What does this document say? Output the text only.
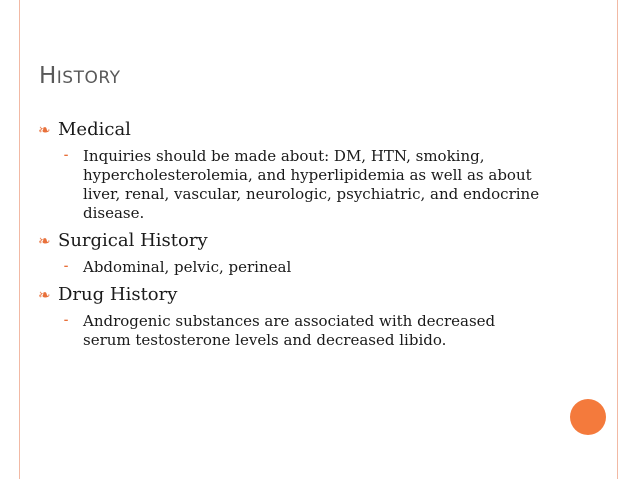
HISTORY
❧ Medical
⁃ Inquiries should be made about: DM, HTN, smoking, hypercholesterolemia, and hyperlipidemia as well as about liver, renal, vascular, neurologic, psychiatric, and endocrine disease.
❧ Surgical History
⁃ Abdominal, pelvic, perineal
❧ Drug History
⁃ Androgenic substances are associated with decreased serum testosterone levels and decreased libido.
